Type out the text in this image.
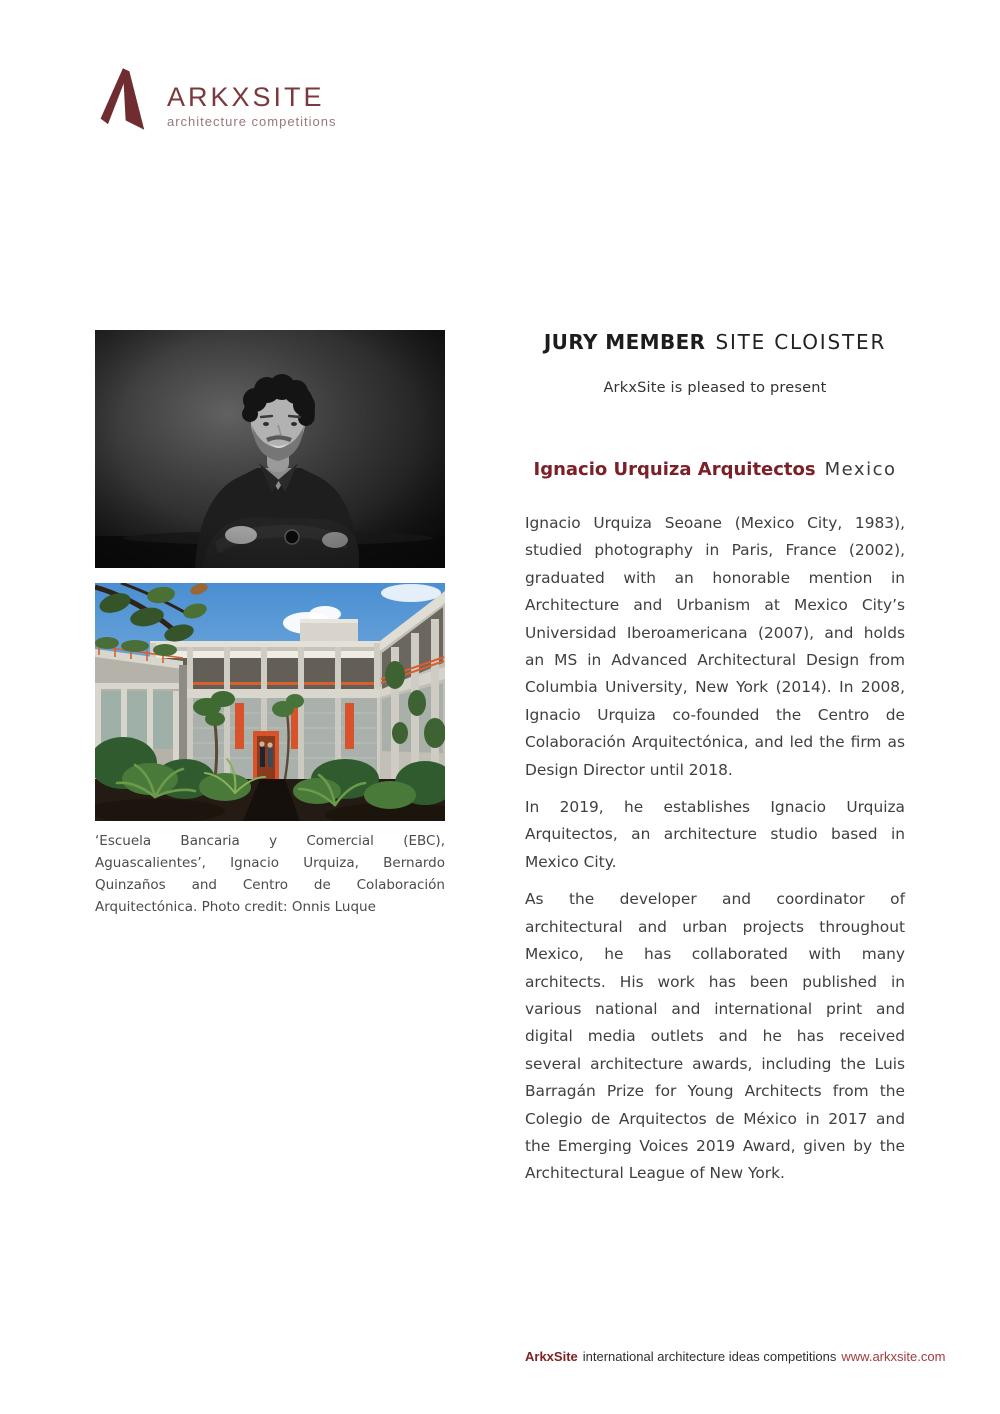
ARKXSITE
architecture competitions

‘Escuela Bancaria y Comercial (EBC), Aguascalientes’, Ignacio Urquiza, Bernardo Quinzaños and Centro de Colaboración Arquitectónica. Photo credit: Onnis Luque

JURY MEMBER SITE CLOISTER

ArkxSite is pleased to present

Ignacio Urquiza Arquitectos Mexico

Ignacio Urquiza Seoane (Mexico City, 1983), studied photography in Paris, France (2002), graduated with an honorable mention in Architecture and Urbanism at Mexico City’s Universidad Iberoamericana (2007), and holds an MS in Advanced Architectural Design from Columbia University, New York (2014). In 2008, Ignacio Urquiza co-founded the Centro de Colaboración Arquitectónica, and led the firm as Design Director until 2018.

In 2019, he establishes Ignacio Urquiza Arquitectos, an architecture studio based in Mexico City.

As the developer and coordinator of architectural and urban projects throughout Mexico, he has collaborated with many architects. His work has been published in various national and international print and digital media outlets and he has received several architecture awards, including the Luis Barragán Prize for Young Architects from the Colegio de Arquitectos de México in 2017 and the Emerging Voices 2019 Award, given by the Architectural League of New York.

ArkxSite international architecture ideas competitions www.arkxsite.com
